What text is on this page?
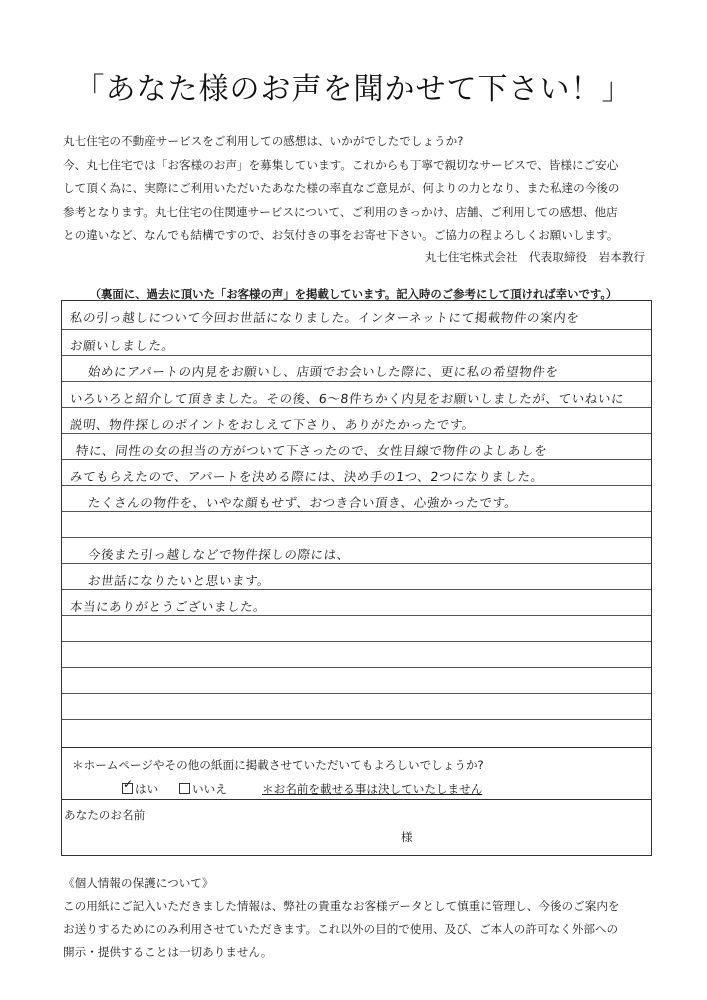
「あなた様のお声を聞かせて下さい！」

丸七住宅の不動産サービスをご利用しての感想は、いかがでしたでしょうか?

今、丸七住宅では「お客様のお声」を募集しています。これからも丁寧で親切なサービスで、皆様にご安心

して頂く為に、実際にご利用いただいたあなた様の率直なご意見が、何よりの力となり、また私達の今後の

参考となります。丸七住宅の住関連サービスについて、ご利用のきっかけ、店舗、ご利用しての感想、他店

との違いなど、なんでも結構ですので、お気付きの事をお寄せ下さい。ご協力の程よろしくお願いします。

丸七住宅株式会社　代表取締役　岩本教行
（裏面に、過去に頂いた「お客様の声」を掲載しています。記入時のご参考にして頂ければ幸いです。）
私の引っ越しについて今回お世話になりました。インターネットにて掲載物件の案内を
お願いしました。
始めにアパートの内見をお願いし、店頭でお会いした際に、更に私の希望物件を
いろいろと紹介して頂きました。その後、6〜8件ちかく内見をお願いしましたが、ていねいに
説明、物件探しのポイントをおしえて下さり、ありがたかったです。
特に、同性の女の担当の方がついて下さったので、女性目線で物件のよしあしを
みてもらえたので、アパートを決める際には、決め手の1つ、2つになりました。
たくさんの物件を、いやな顔もせず、おつき合い頂き、心強かったです。
今後また引っ越しなどで物件探しの際には、
お世話になりたいと思います。
本当にありがとうございました。
＊ホームページやその他の紙面に掲載させていただいてもよろしいでしょうか?
✓ はい	いいえ	＊お名前を載せる事は決していたしません
あなたのお名前
様

《個人情報の保護について》

この用紙にご記入いただきました情報は、弊社の貴重なお客様データとして慎重に管理し、今後のご案内を

お送りするためにのみ利用させていただきます。これ以外の目的で使用、及び、ご本人の許可なく外部への

開示・提供することは一切ありません。
